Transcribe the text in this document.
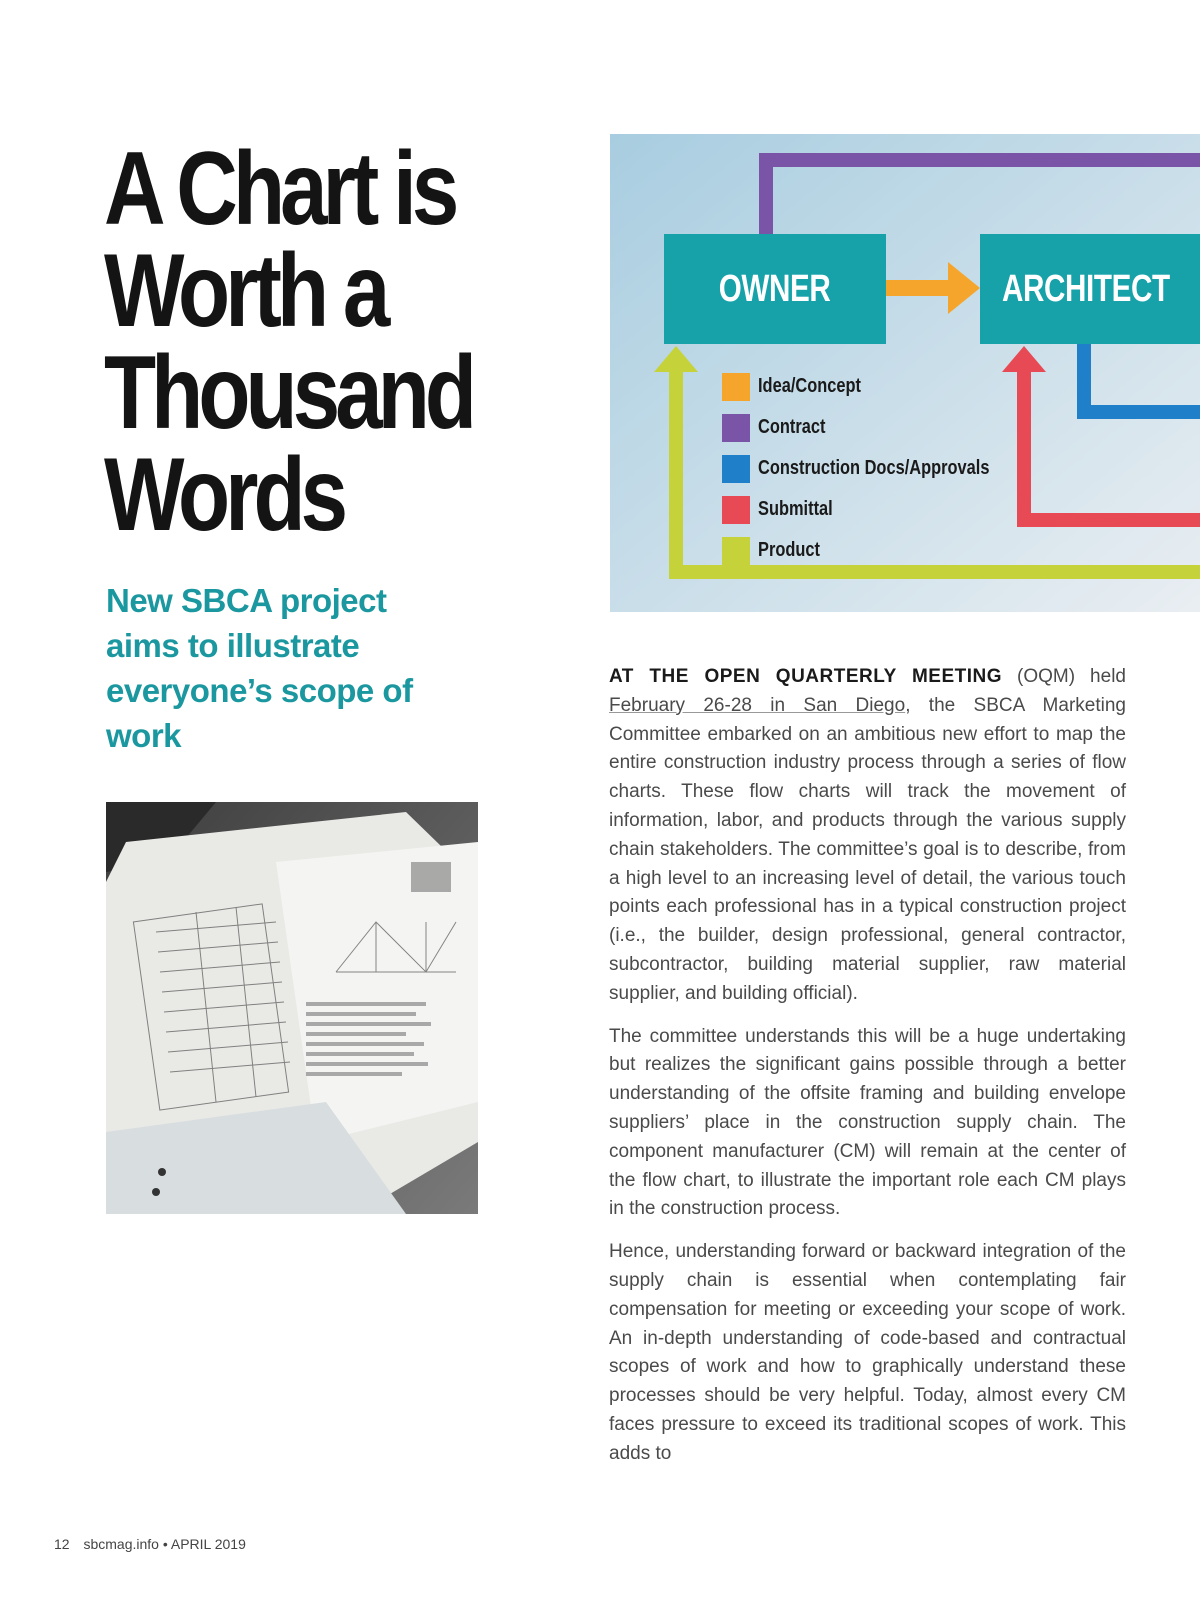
A Chart is
Worth a
Thousand
Words
New SBCA project aims to illustrate everyone’s scope of work
OWNER	ARCHITECT
Idea/Concept
Contract
Construction Docs/Approvals
Submittal
Product

AT THE OPEN QUARTERLY MEETING (OQM) held February 26-28 in San Diego, the SBCA Marketing Committee embarked on an ambitious new effort to map the entire construction industry process through a series of flow charts. These flow charts will track the movement of information, labor, and products through the various supply chain stakeholders. The committee’s goal is to describe, from a high level to an increasing level of detail, the various touch points each professional has in a typical construction project (i.e., the builder, design professional, general contractor, subcontractor, building material supplier, raw material supplier, and building official).

The committee understands this will be a huge undertaking but realizes the significant gains possible through a better understanding of the offsite framing and building envelope suppliers’ place in the construction supply chain. The component manufacturer (CM) will remain at the center of the flow chart, to illustrate the important role each CM plays in the construction process.

Hence, understanding forward or backward integration of the supply chain is essential when contemplating fair compensation for meeting or exceeding your scope of work. An in-depth understanding of code-based and contractual scopes of work and how to graphically understand these processes should be very helpful. Today, almost every CM faces pressure to exceed its traditional scopes of work. This adds to

12 sbcmag.info • APRIL 2019
